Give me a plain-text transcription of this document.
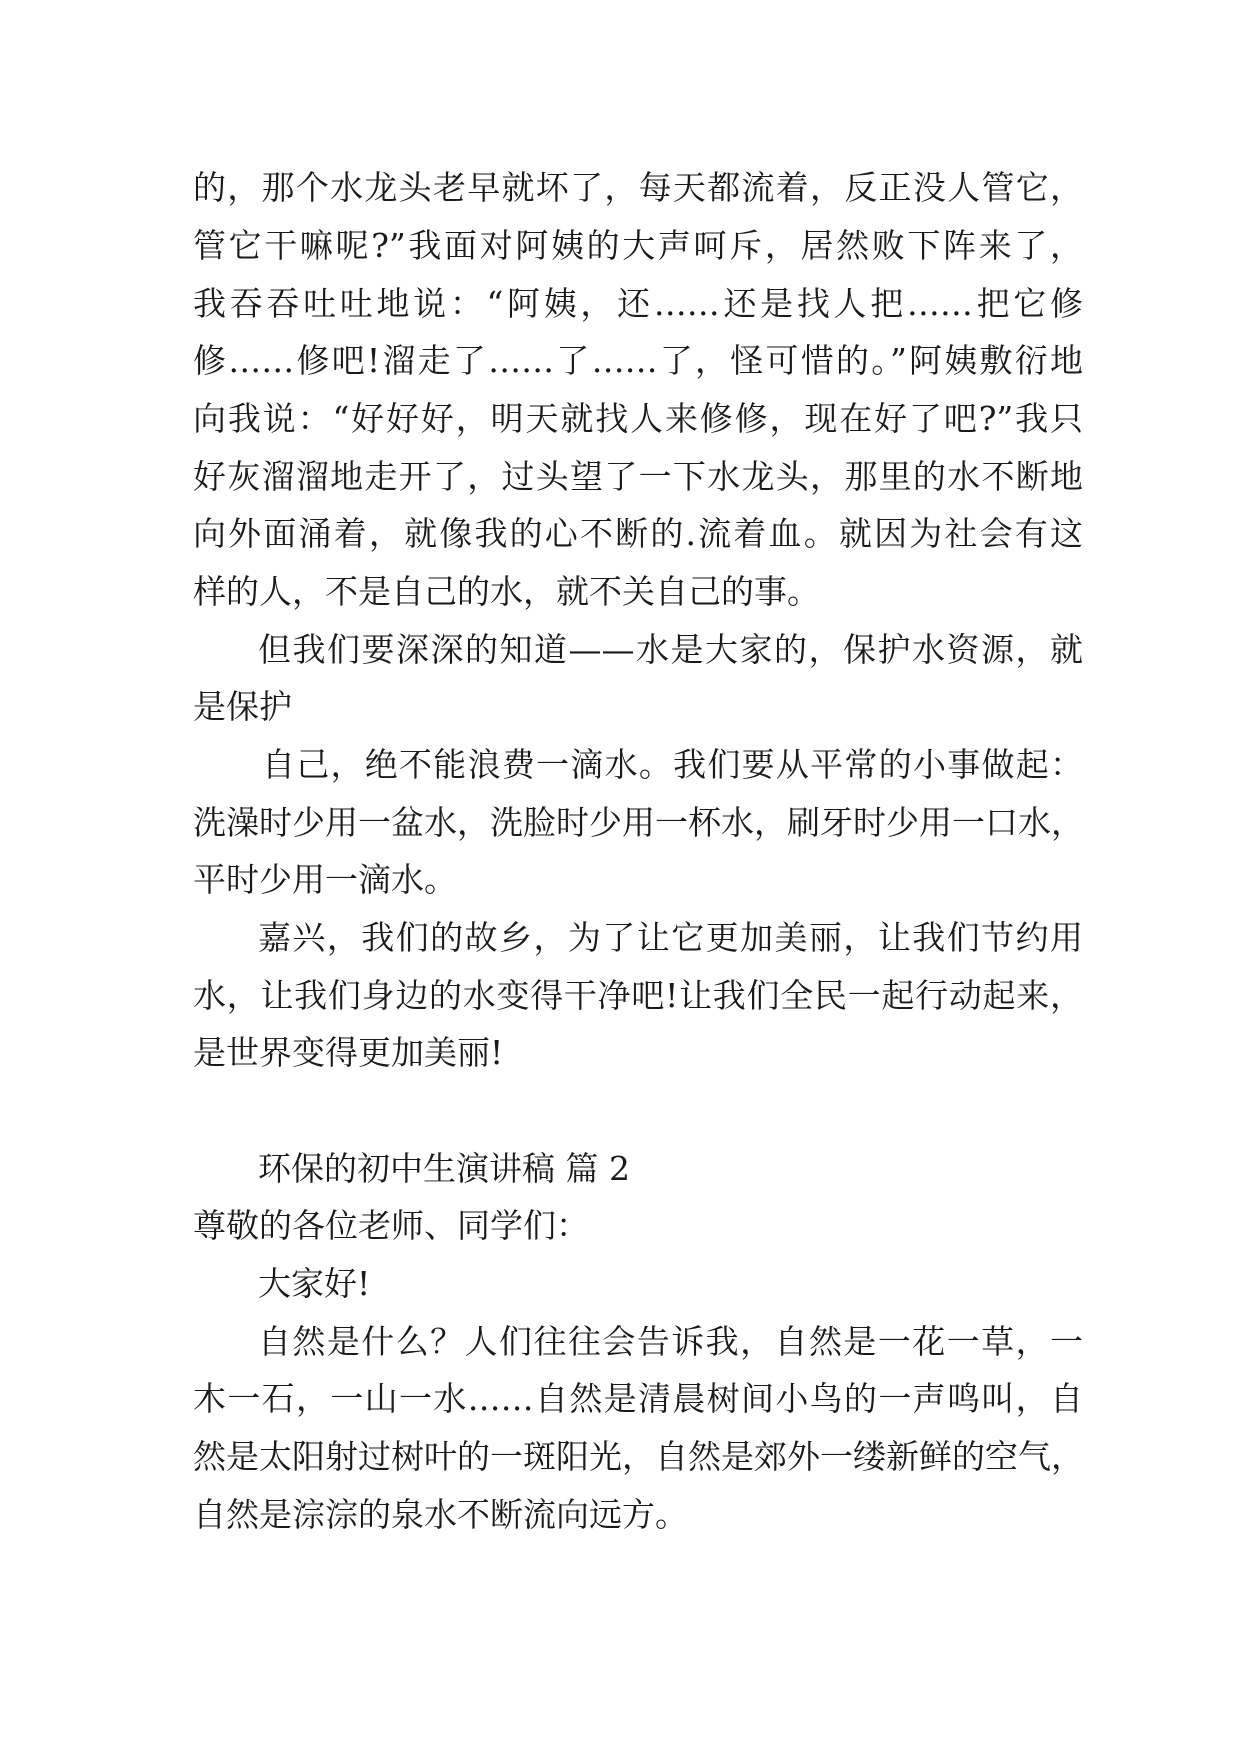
的，那个水龙头老早就坏了，每天都流着，反正没人管它，
管它干嘛呢?”我面对阿姨的大声呵斥，居然败下阵来了，
我吞吞吐吐地说：“阿姨，还……还是找人把……把它修
修……修吧!溜走了……了……了，怪可惜的。”阿姨敷衍地
向我说：“好好好，明天就找人来修修，现在好了吧?”我只
好灰溜溜地走开了，过头望了一下水龙头，那里的水不断地
向外面涌着，就像我的心不断的.流着血。就因为社会有这
样的人，不是自己的水，就不关自己的事。
但我们要深深的知道——水是大家的，保护水资源，就
是保护
自己，绝不能浪费一滴水。我们要从平常的小事做起：
洗澡时少用一盆水，洗脸时少用一杯水，刷牙时少用一口水，
平时少用一滴水。
嘉兴，我们的故乡，为了让它更加美丽，让我们节约用
水，让我们身边的水变得干净吧!让我们全民一起行动起来，
是世界变得更加美丽!
环保的初中生演讲稿 篇 2
尊敬的各位老师、同学们：
大家好!
自然是什么？人们往往会告诉我，自然是一花一草，一
木一石，一山一水……自然是清晨树间小鸟的一声鸣叫，自
然是太阳射过树叶的一斑阳光，自然是郊外一缕新鲜的空气，
自然是淙淙的泉水不断流向远方。
